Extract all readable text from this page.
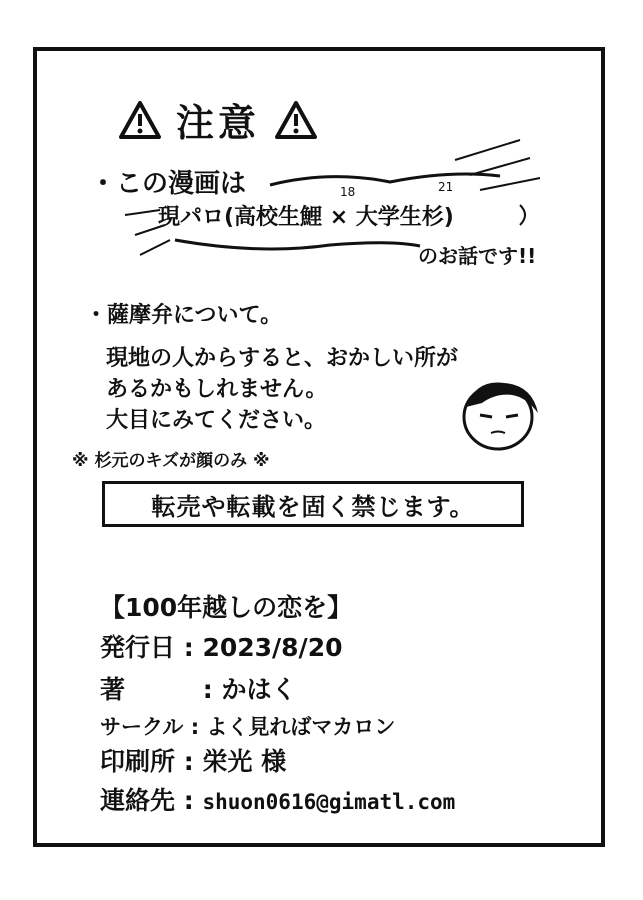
注意
・この漫画は	18	21
現パロ(高校生鯉 × 大学生杉)
のお話です!!
・薩摩弁について。
現地の人からすると、おかしい所が
あるかもしれません。
大目にみてください。
※ 杉元のキズが顔のみ ※
転売や転載を固く禁じます。
【100年越しの恋を】
発行日 : 2023/8/20
著	: かはく
サークル : よく見ればマカロン
印刷所 : 栄光 様
連絡先 : shuon0616@gimatl.com
